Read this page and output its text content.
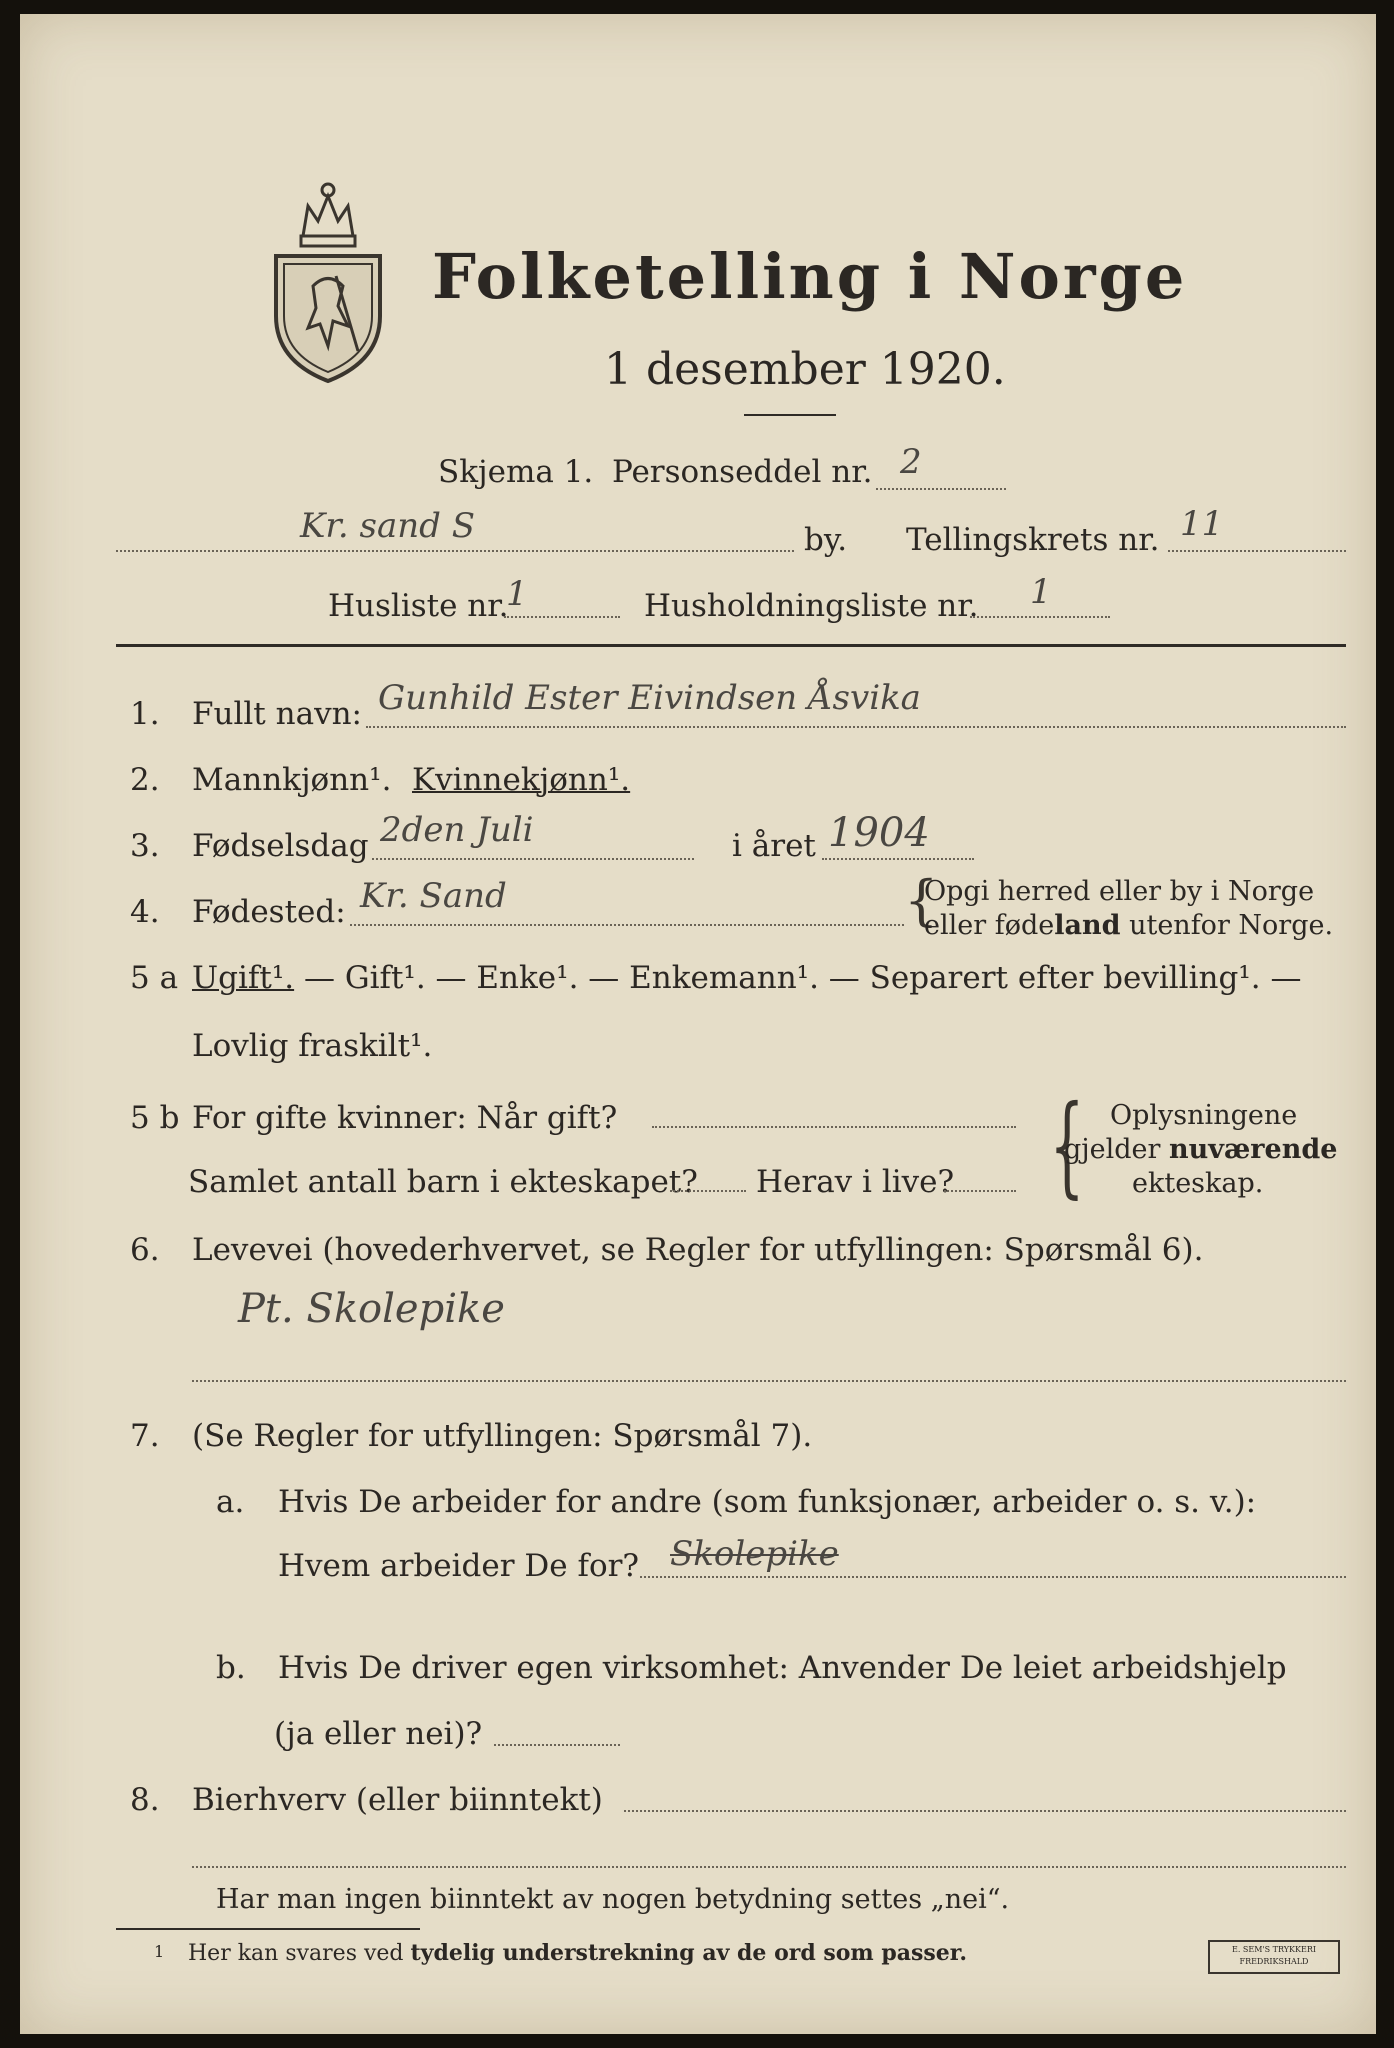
Folketelling i Norge
1 desember 1920.
Skjema 1. Personseddel nr. 2
Kr. sand S	by. Tellingskrets nr. 11
Husliste nr.
1	Husholdningsliste nr. 1
1. Fullt navn: Gunhild Ester Eivindsen Åsvika
2. Mannkjønn¹. Kvinnekjønn¹.
3. Fødselsdag 2den Juli	i året 1904
4. Fødested: Kr. Sand	{
Opgi herred eller by i Norge
eller fødeland utenfor Norge.
5 a Ugift¹. — Gift¹. — Enke¹. — Enkemann¹. — Separert efter bevilling¹. —
Lovlig fraskilt¹.
5 b For gifte kvinner: Når gift?
Samlet antall barn i ekteskapet? Herav i live? { Oplysningene
gjelder nuværende
ekteskap.
6. Levevei (hovederhvervet, se Regler for utfyllingen: Spørsmål 6).
Pt. Skolepike
7. (Se Regler for utfyllingen: Spørsmål 7).
a. Hvis De arbeider for andre (som funksjonær, arbeider o. s. v.):
Hvem arbeider De for? Skolepike
b. Hvis De driver egen virksomhet: Anvender De leiet arbeidshjelp
(ja eller nei)?
8. Bierhverv (eller biinntekt)
Har man ingen biinntekt av nogen betydning settes „nei“.
1 Her kan svares ved tydelig understrekning av de ord som passer.	E. SEM'S TRYKKERI
FREDRIKSHALD
